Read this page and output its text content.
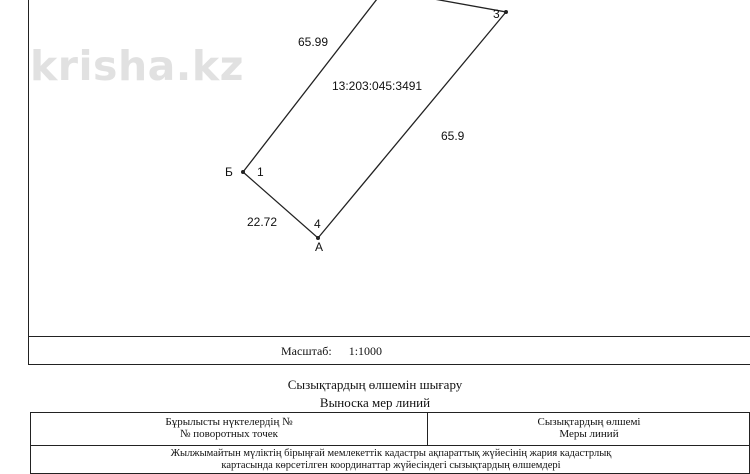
krisha.kz	65.99
13:203:045:3491
65.9
22.72
3
1
4
Б
А
Масштаб: 1:1000
Сызықтардың өлшемін шығару
Выноска мер линий
Бұрылысты нүктелердің №
№ поворотных точек
Сызықтардың өлшемі
Меры линий
Жылжымайтын мүліктің бірыңғай мемлекеттік кадастры ақпараттық жүйесінің жария кадастрлық
картасында көрсетілген координаттар жүйесіндегі сызықтардың өлшемдері
